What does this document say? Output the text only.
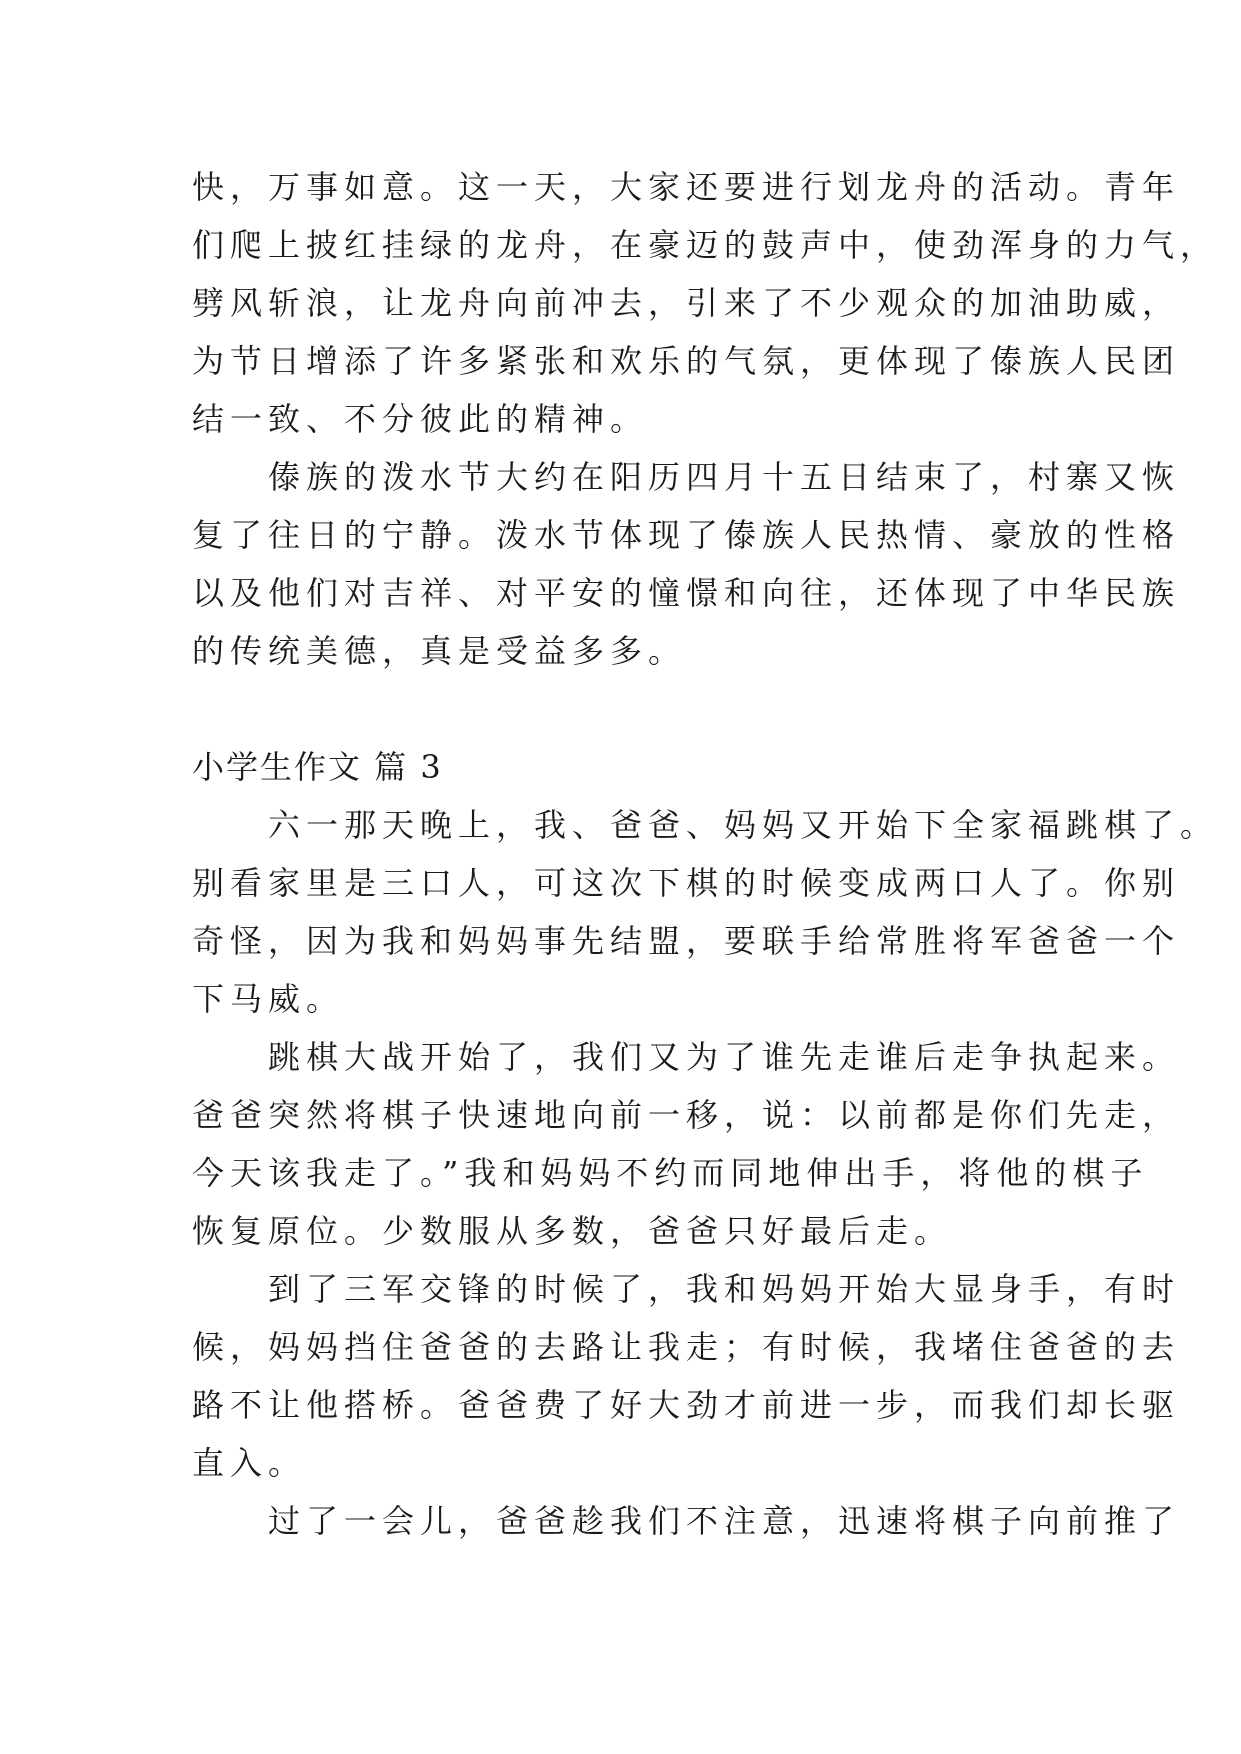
快，万事如意。这一天，大家还要进行划龙舟的活动。青年
们爬上披红挂绿的龙舟，在豪迈的鼓声中，使劲浑身的力气，
劈风斩浪，让龙舟向前冲去，引来了不少观众的加油助威，
为节日增添了许多紧张和欢乐的气氛，更体现了傣族人民团
结一致、不分彼此的精神。

　　傣族的泼水节大约在阳历四月十五日结束了，村寨又恢
复了往日的宁静。泼水节体现了傣族人民热情、豪放的性格
以及他们对吉祥、对平安的憧憬和向往，还体现了中华民族
的传统美德，真是受益多多。

小学生作文 篇 3

　　六一那天晚上，我、爸爸、妈妈又开始下全家福跳棋了。
别看家里是三口人，可这次下棋的时候变成两口人了。你别
奇怪，因为我和妈妈事先结盟，要联手给常胜将军爸爸一个
下马威。

　　跳棋大战开始了，我们又为了谁先走谁后走争执起来。
爸爸突然将棋子快速地向前一移，说：以前都是你们先走，
今天该我走了。”我和妈妈不约而同地伸出手，将他的棋子
恢复原位。少数服从多数，爸爸只好最后走。

　　到了三军交锋的时候了，我和妈妈开始大显身手，有时
候，妈妈挡住爸爸的去路让我走；有时候，我堵住爸爸的去
路不让他搭桥。爸爸费了好大劲才前进一步，而我们却长驱
直入。

　　过了一会儿，爸爸趁我们不注意，迅速将棋子向前推了
